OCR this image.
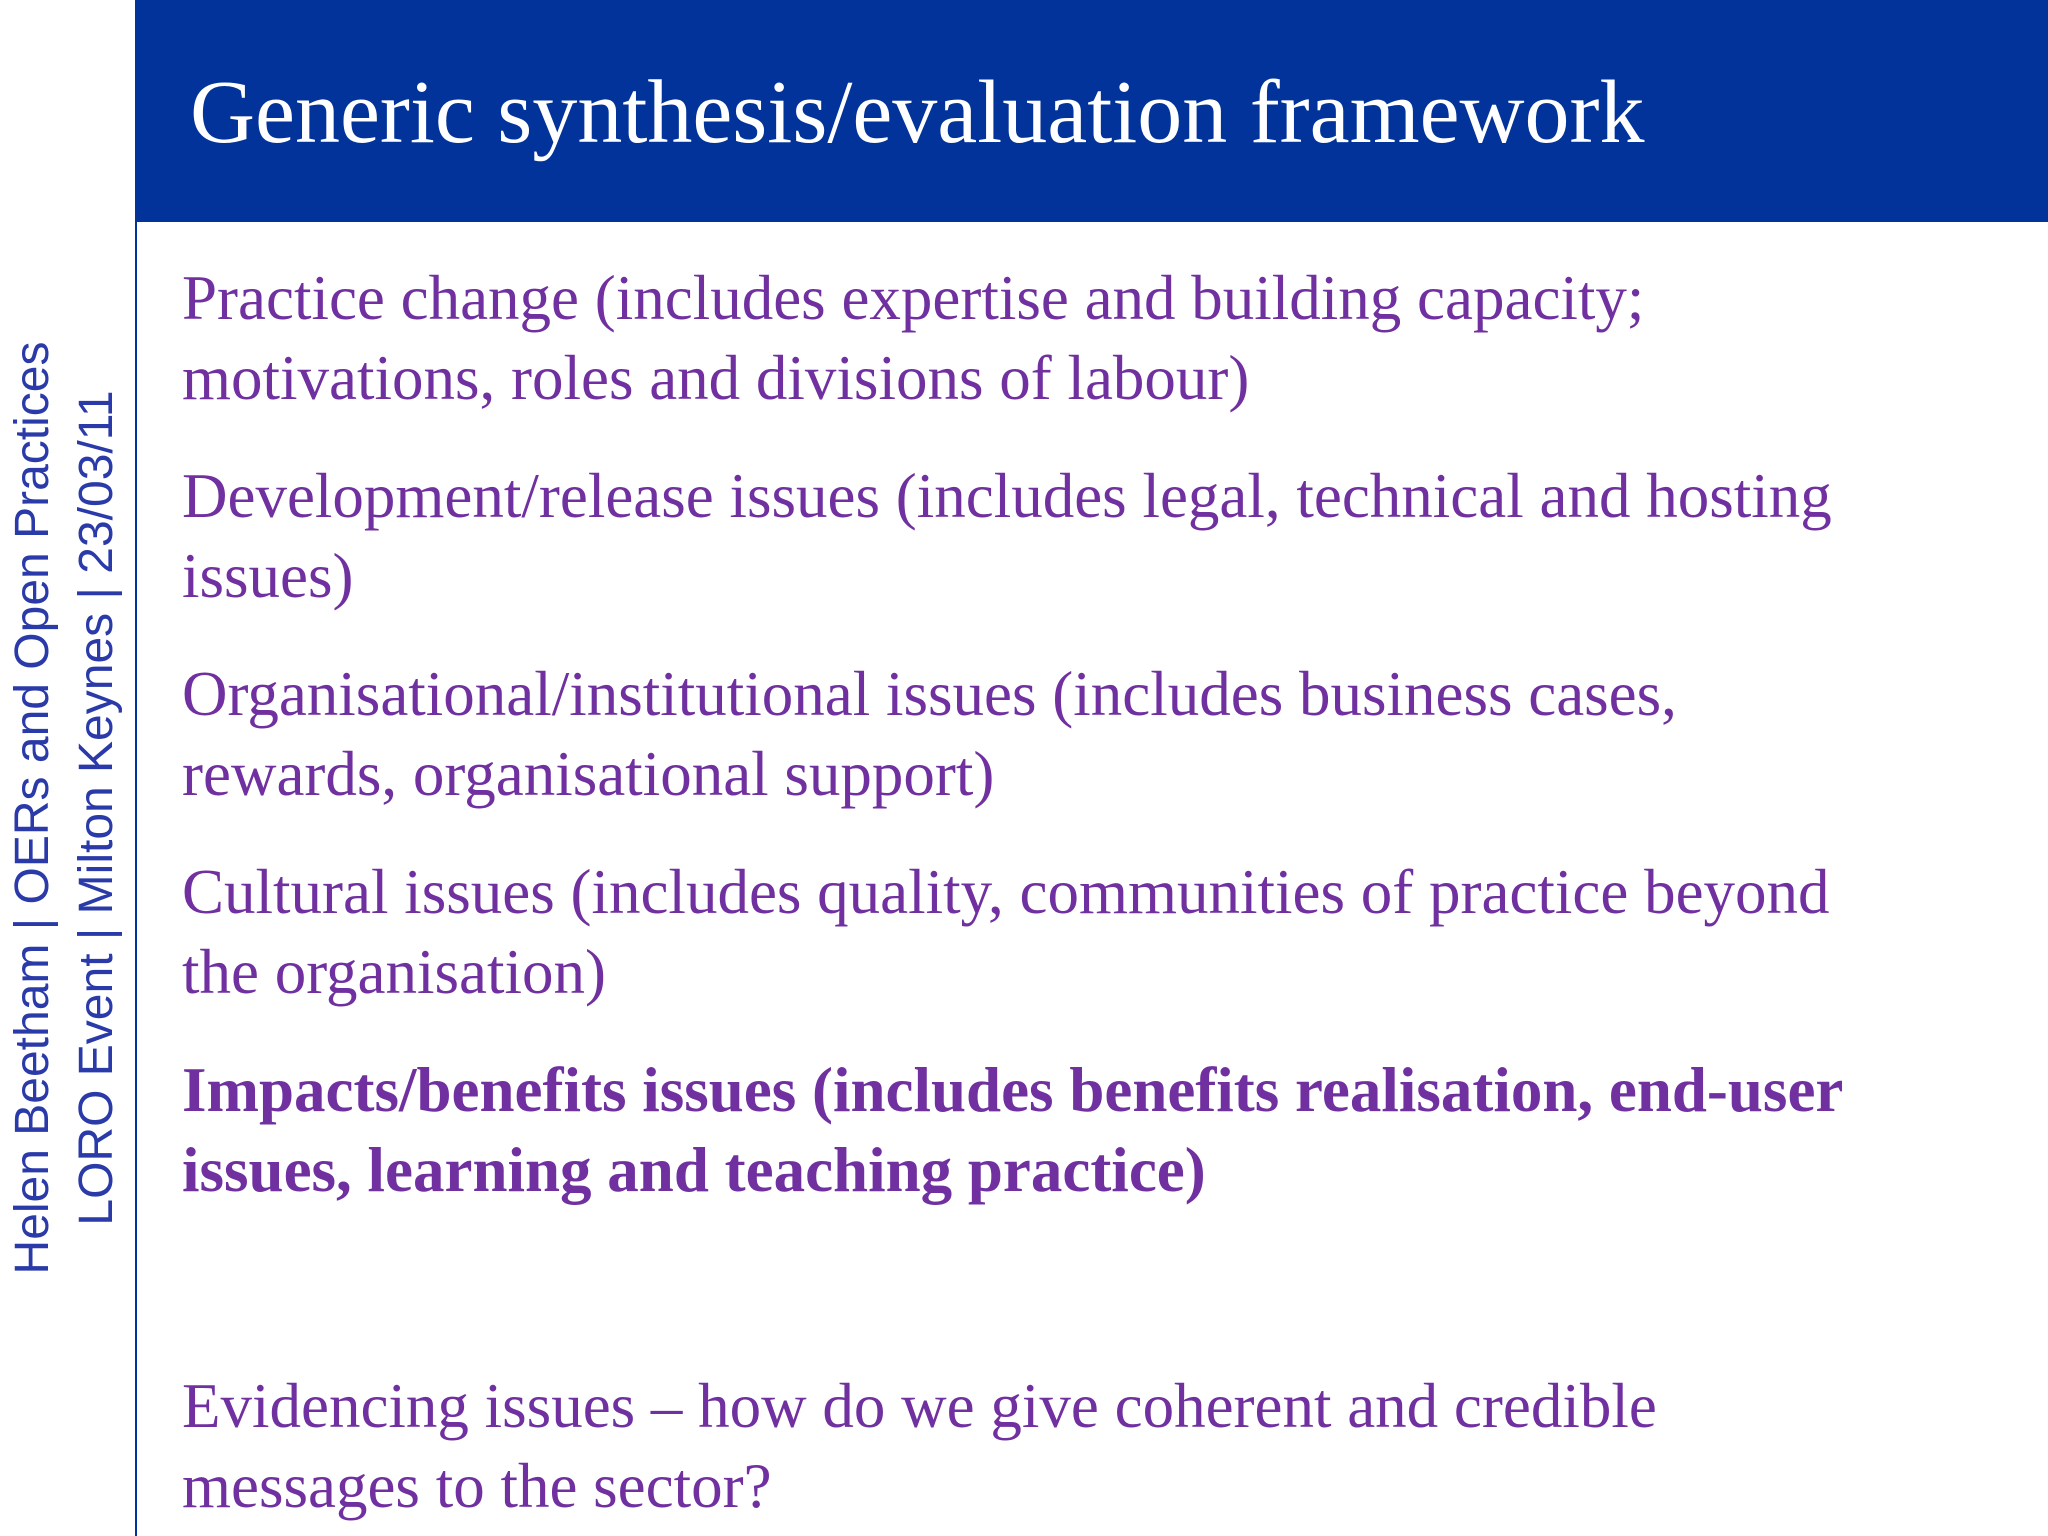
Generic synthesis/evaluation framework
Helen Beetham | OERs and Open Practices LORO Event | Milton Keynes | 23/03/11

Practice change (includes expertise and building capacity;
motivations, roles and divisions of labour)

Development/release issues (includes legal, technical and hosting
issues)

Organisational/institutional issues (includes business cases,
rewards, organisational support)

Cultural issues (includes quality, communities of practice beyond
the organisation)

Impacts/benefits issues (includes benefits realisation, end-user
issues, learning and teaching practice)

Evidencing issues – how do we give coherent and credible
messages to the sector?
